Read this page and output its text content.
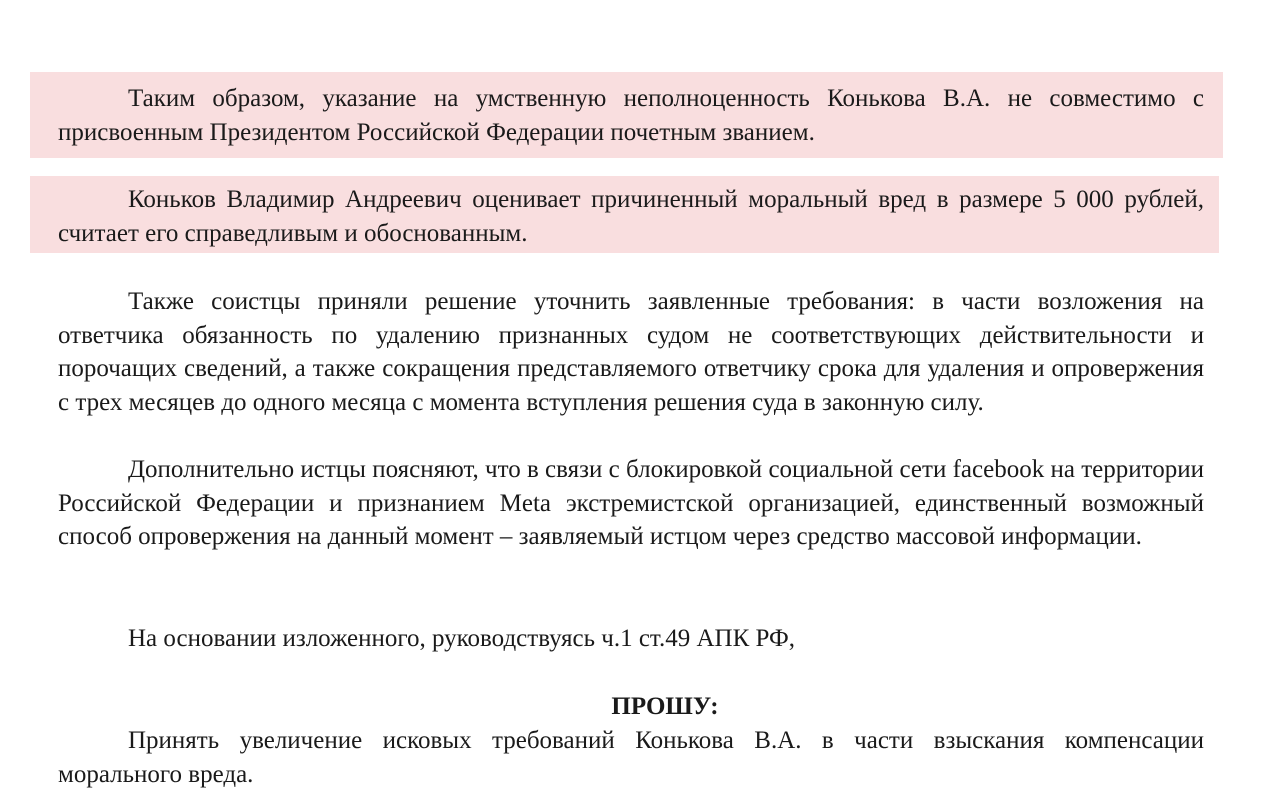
Таким образом, указание на умственную неполноценность Конькова В.А. не совместимо с присвоенным Президентом Российской Федерации почетным званием.

Коньков Владимир Андреевич оценивает причиненный моральный вред в размере 5 000 рублей, считает его справедливым и обоснованным.

Также соистцы приняли решение уточнить заявленные требования: в части возложения на ответчика обязанность по удалению признанных судом не соответствующих действительности и порочащих сведений, а также сокращения представляемого ответчику срока для удаления и опровержения с трех месяцев до одного месяца с момента вступления решения суда в законную силу.

Дополнительно истцы поясняют, что в связи с блокировкой социальной сети facebook на территории Российской Федерации и признанием Meta экстремистской организацией, единственный возможный способ опровержения на данный момент – заявляемый истцом через средство массовой информации.

На основании изложенного, руководствуясь ч.1 ст.49 АПК РФ,

ПРОШУ:

Принять увеличение исковых требований Конькова В.А. в части взыскания компенсации морального вреда.
